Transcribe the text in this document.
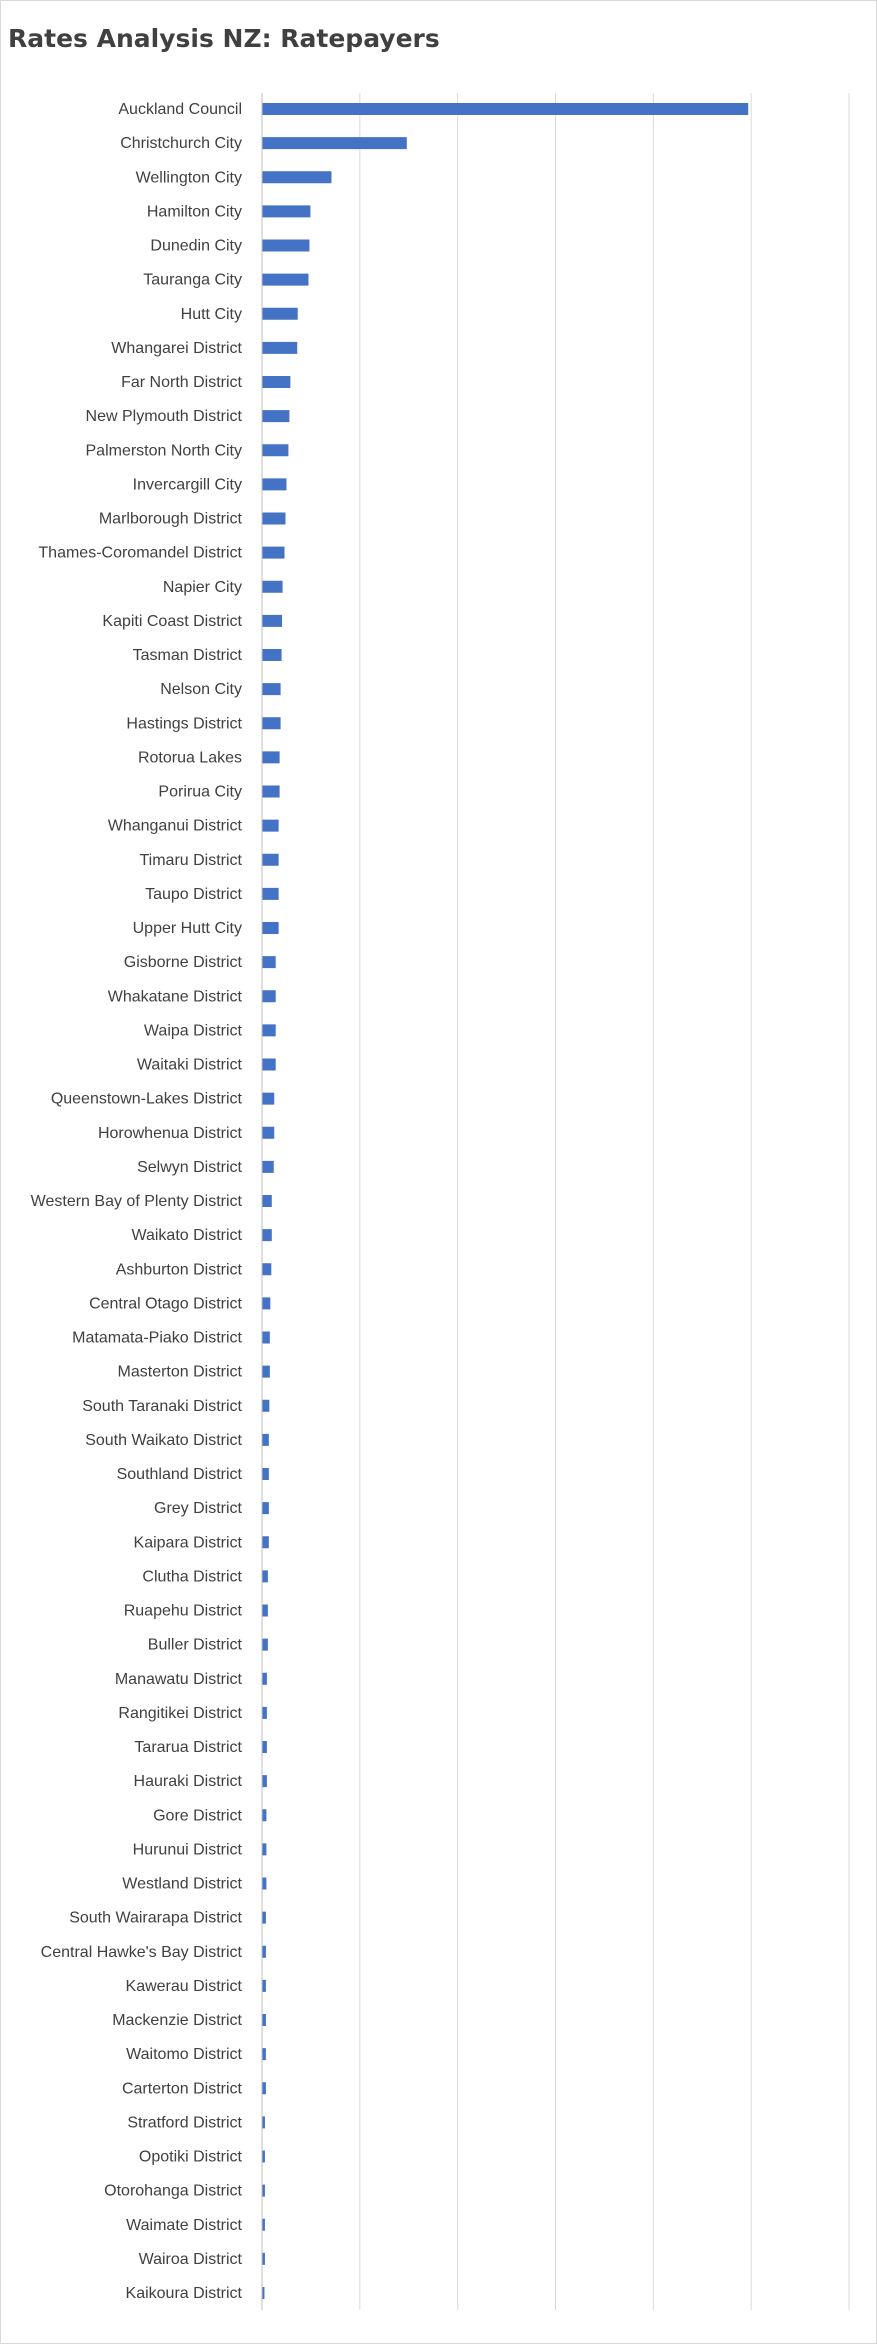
Rates Analysis NZ: Ratepayers
Auckland Council
Christchurch City
Wellington City
Hamilton City
Dunedin City
Tauranga City
Hutt City
Whangarei District
Far North District
New Plymouth District
Palmerston North City
Invercargill City
Marlborough District
Thames-Coromandel District
Napier City
Kapiti Coast District
Tasman District
Nelson City
Hastings District
Rotorua Lakes
Porirua City
Whanganui District
Timaru District
Taupo District
Upper Hutt City
Gisborne District
Whakatane District
Waipa District
Waitaki District
Queenstown-Lakes District
Horowhenua District
Selwyn District
Western Bay of Plenty District
Waikato District
Ashburton District
Central Otago District
Matamata-Piako District
Masterton District
South Taranaki District
South Waikato District
Southland District
Grey District
Kaipara District
Clutha District
Ruapehu District
Buller District
Manawatu District
Rangitikei District
Tararua District
Hauraki District
Gore District
Hurunui District
Westland District
South Wairarapa District
Central Hawke's Bay District
Kawerau District
Mackenzie District
Waitomo District
Carterton District
Stratford District
Opotiki District
Otorohanga District
Waimate District
Wairoa District
Kaikoura District
